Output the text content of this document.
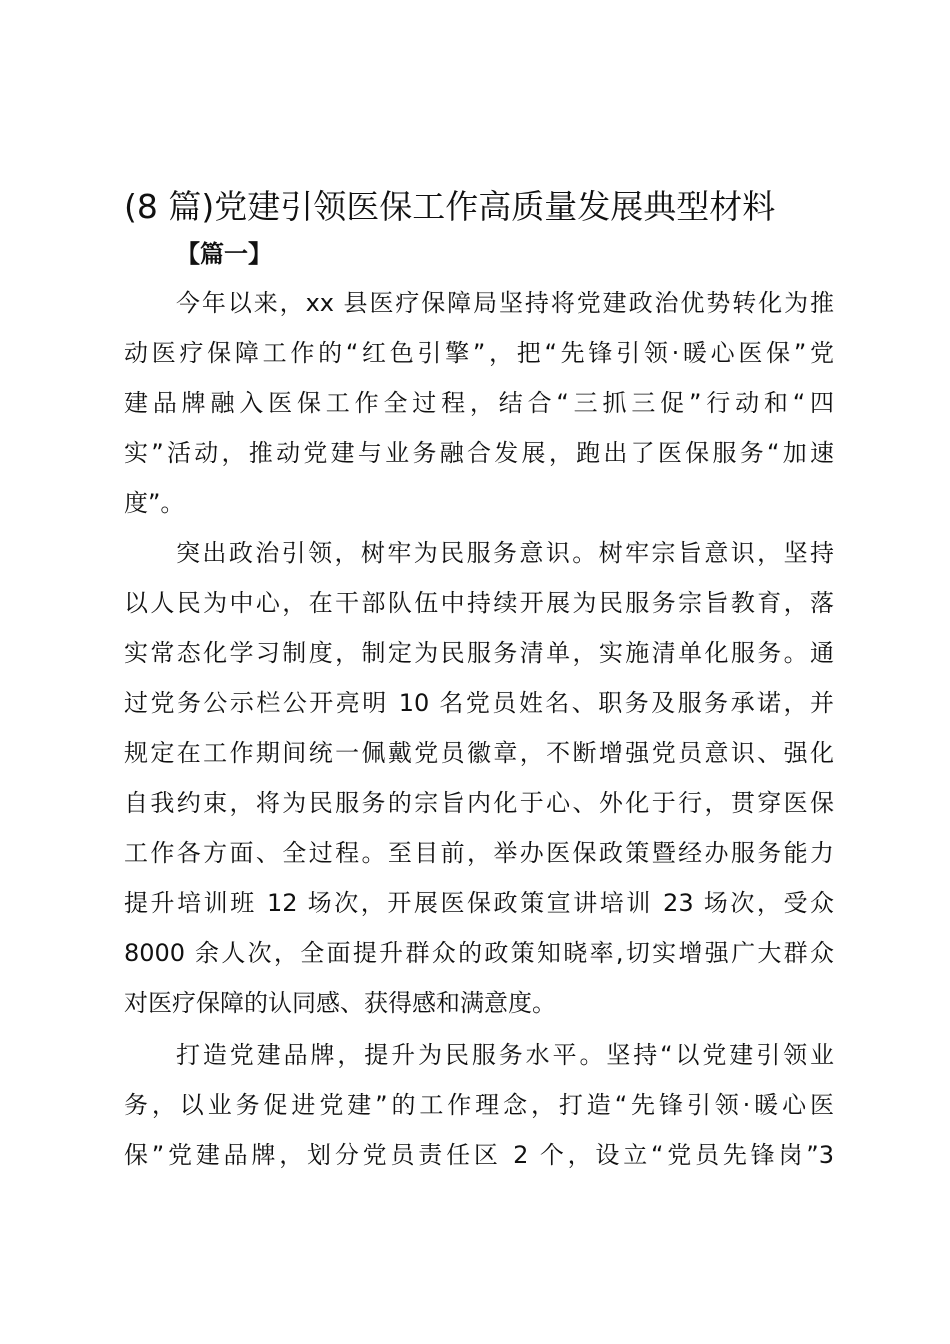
(8 篇)党建引领医保工作高质量发展典型材料
【篇一】
今年以来，xx 县医疗保障局坚持将党建政治优势转化为推
动医疗保障工作的“红色引擎”，把“先锋引领·暖心医保”党
建品牌融入医保工作全过程，结合“三抓三促”行动和“四
实”活动，推动党建与业务融合发展，跑出了医保服务“加速
度”。
突出政治引领，树牢为民服务意识。树牢宗旨意识，坚持
以人民为中心，在干部队伍中持续开展为民服务宗旨教育，落
实常态化学习制度，制定为民服务清单，实施清单化服务。通
过党务公示栏公开亮明 10 名党员姓名、职务及服务承诺，并
规定在工作期间统一佩戴党员徽章，不断增强党员意识、强化
自我约束，将为民服务的宗旨内化于心、外化于行，贯穿医保
工作各方面、全过程。至目前，举办医保政策暨经办服务能力
提升培训班 12 场次，开展医保政策宣讲培训 23 场次，受众
8000 余人次，全面提升群众的政策知晓率,切实增强广大群众
对医疗保障的认同感、获得感和满意度。
打造党建品牌，提升为民服务水平。坚持“以党建引领业
务，以业务促进党建”的工作理念，打造“先锋引领·暖心医
保”党建品牌，划分党员责任区 2 个，设立“党员先锋岗”3
